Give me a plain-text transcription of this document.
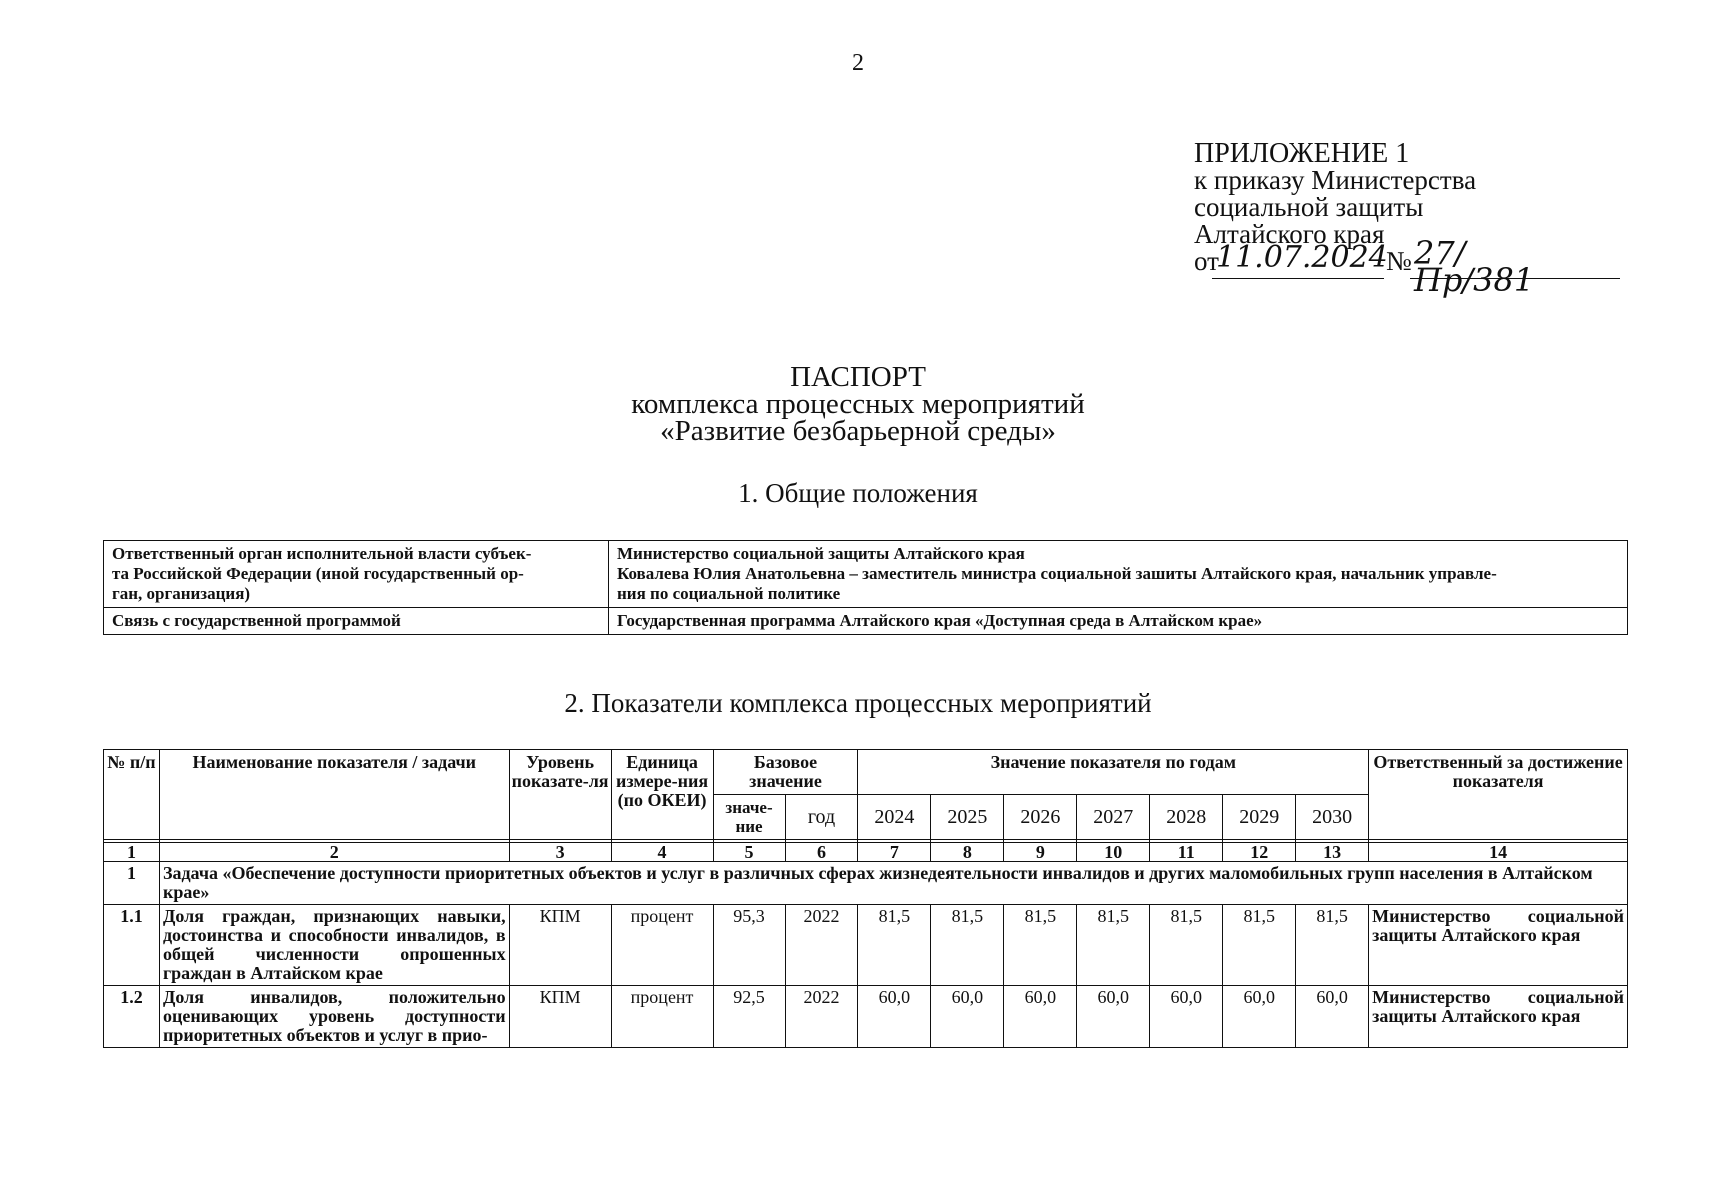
2
ПРИЛОЖЕНИЕ 1
к приказу Министерства
социальной защиты
Алтайского края
от
11.07.2024
№ 27/Пр/381
ПАСПОРТ
комплекса процессных мероприятий
«Развитие безбарьерной среды»
1. Общие положения
Ответственный орган исполнительной власти субъек-
та Российской Федерации (иной государственный ор-
ган, организация)	Министерство социальной защиты Алтайского края
Ковалева Юлия Анатольевна – заместитель министра социальной зашиты Алтайского края, начальник управле-
ния по социальной политике

Связь с государственной программой	Государственная программа Алтайского края «Доступная среда в Алтайском крае»
2. Показатели комплекса процессных мероприятий
№ п/п	Наименование показателя / задачи	Уровень показате-ля	Единица измере-ния (по ОКЕИ)	Базовое значение		Значение показателя по годам							Ответственный за достижение показателя
				значе-ние	год	2024	2025	2026	2027	2028	2029	2030	

1	2	3	4	5	6	7	8	9	10	11	12	13	14
1	Задача «Обеспечение доступности приоритетных объектов и услуг в различных сферах жизнедеятельности инвалидов и других маломобильных групп населения в Алтайском крае»												
1.1	Доля граждан, признающих навыки, достоинства и способности инвалидов, в общей численности опрошенных граждан в Алтайском крае	КПМ	процент	95,3	2022	81,5	81,5	81,5	81,5	81,5	81,5	81,5	Министерство социальной защиты Алтайского края
1.2	Доля инвалидов, положительно оценивающих уровень доступности приоритетных объектов и услуг в прио-	КПМ	процент	92,5	2022	60,0	60,0	60,0	60,0	60,0	60,0	60,0	Министерство социальной защиты Алтайского края
